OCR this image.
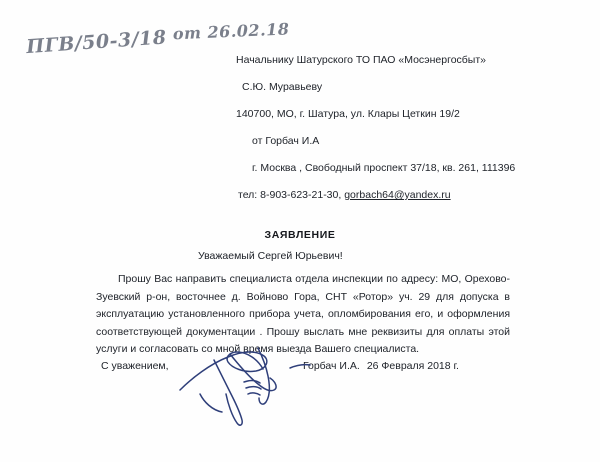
ПГВ/50-3/18 от 26.02.18
Начальнику Шатурского ТО ПАО «Мосэнергосбыт»
С.Ю. Муравьеву
140700, МО, г. Шатура, ул. Клары Цеткин 19/2
от Горбач И.А
г. Москва , Свободный проспект 37/18, кв. 261, 111396
тел: 8-903-623-21-30, gorbach64@yandex.ru
ЗАЯВЛЕНИЕ
Уважаемый Сергей Юрьевич!
Прошу Вас направить специалиста отдела инспекции по адресу: МО, Орехово-Зуевский р-он, восточнее д. Войново Гора, СНТ «Ротор» уч. 29 для допуска в эксплуатацию установленного прибора учета, опломбирования его, и оформления соответствующей документации . Прошу выслать мне реквизиты для оплаты этой услуги и согласовать со мной время выезда Вашего специалиста.
С уважением,	Горбач И.А. 26 Февраля 2018 г.
